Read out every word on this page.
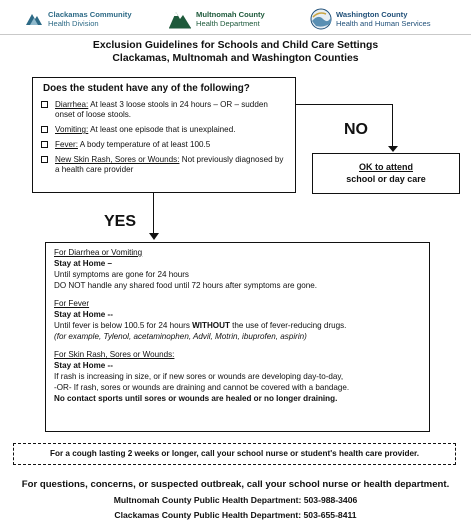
Clackamas Community
Health Division
Multnomah County
Health Department
Washington County
Health and Human Services
Exclusion Guidelines for Schools and Child Care Settings
Clackamas, Multnomah and Washington Counties
Does the student have any of the following?
Diarrhea: At least 3 loose stools in 24 hours – OR – sudden onset of loose stools.
Vomiting: At least one episode that is unexplained.
Fever: A body temperature of at least 100.5
New Skin Rash, Sores or Wounds: Not previously diagnosed by a health care provider
NO
OK to attend
school or day care
YES
For Diarrhea or Vomiting
Stay at Home –
Until symptoms are gone for 24 hours
DO NOT handle any shared food until 72 hours after symptoms are gone.
For Fever
Stay at Home --
Until fever is below 100.5 for 24 hours WITHOUT the use of fever-reducing drugs.
(for example, Tylenol, acetaminophen, Advil, Motrin, ibuprofen, aspirin)
For Skin Rash, Sores or Wounds:
Stay at Home --
If rash is increasing in size, or if new sores or wounds are developing day-to-day,
-OR- If rash, sores or wounds are draining and cannot be covered with a bandage.
No contact sports until sores or wounds are healed or no longer draining.
For a cough lasting 2 weeks or longer, call your school nurse or student's health care provider.
For questions, concerns, or suspected outbreak, call your school nurse or health department.
Multnomah County Public Health Department: 503-988-3406
Clackamas County Public Health Department: 503-655-8411
